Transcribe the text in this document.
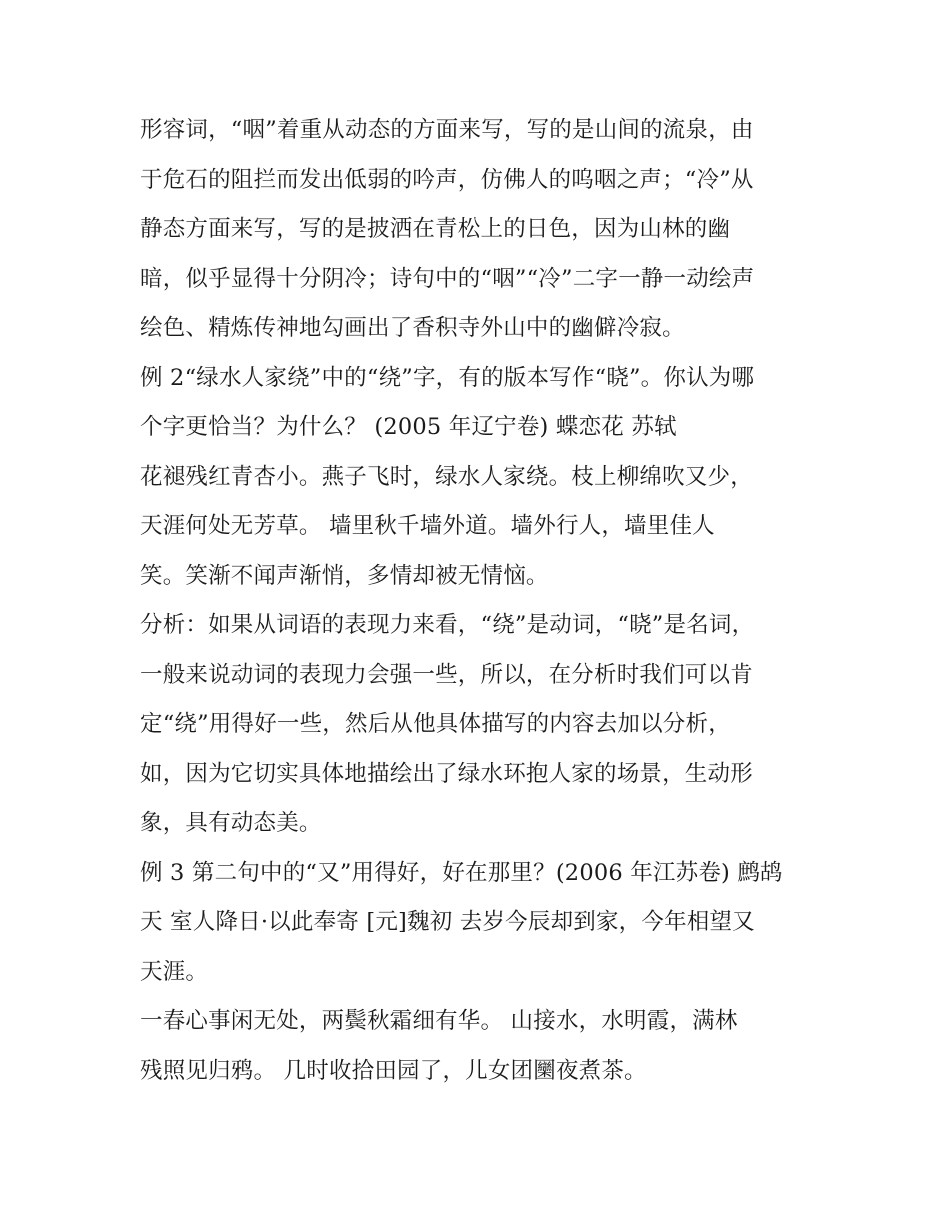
形容词，“咽”着重从动态的方面来写，写的是山间的流泉，由
于危石的阻拦而发出低弱的吟声，仿佛人的呜咽之声；“冷”从
静态方面来写，写的是披洒在青松上的日色，因为山林的幽
暗，似乎显得十分阴冷；诗句中的“咽”“冷”二字一静一动绘声
绘色、精炼传神地勾画出了香积寺外山中的幽僻冷寂。
例 2“绿水人家绕”中的“绕”字，有的版本写作“晓”。你认为哪
个字更恰当？为什么？ (2005 年辽宁卷) 蝶恋花 苏轼
花褪残红青杏小。燕子飞时，绿水人家绕。枝上柳绵吹又少，
天涯何处无芳草。 墙里秋千墙外道。墙外行人，墙里佳人
笑。笑渐不闻声渐悄，多情却被无情恼。
分析：如果从词语的表现力来看，“绕”是动词，“晓”是名词，
一般来说动词的表现力会强一些，所以，在分析时我们可以肯
定“绕”用得好一些，然后从他具体描写的内容去加以分析，
如，因为它切实具体地描绘出了绿水环抱人家的场景，生动形
象，具有动态美。
例 3 第二句中的“又”用得好，好在那里？(2006 年江苏卷) 鹧鸪
天 室人降日·以此奉寄 [元]魏初 去岁今辰却到家，今年相望又
天涯。
一春心事闲无处，两鬓秋霜细有华。 山接水，水明霞，满林
残照见归鸦。 几时收拾田园了，儿女团圞夜煮茶。
